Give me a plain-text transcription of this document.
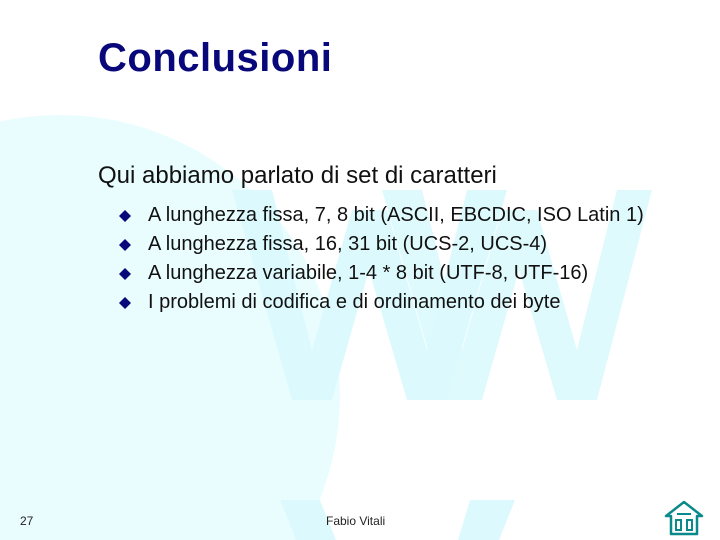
Conclusioni
Qui abbiamo parlato di set di caratteri
A lunghezza fissa, 7, 8 bit (ASCII, EBCDIC, ISO Latin 1)
A lunghezza fissa, 16, 31 bit (UCS-2, UCS-4)
A lunghezza variabile, 1-4 * 8 bit (UTF-8, UTF-16)
I problemi di codifica e di ordinamento dei byte
27	Fabio Vitali
